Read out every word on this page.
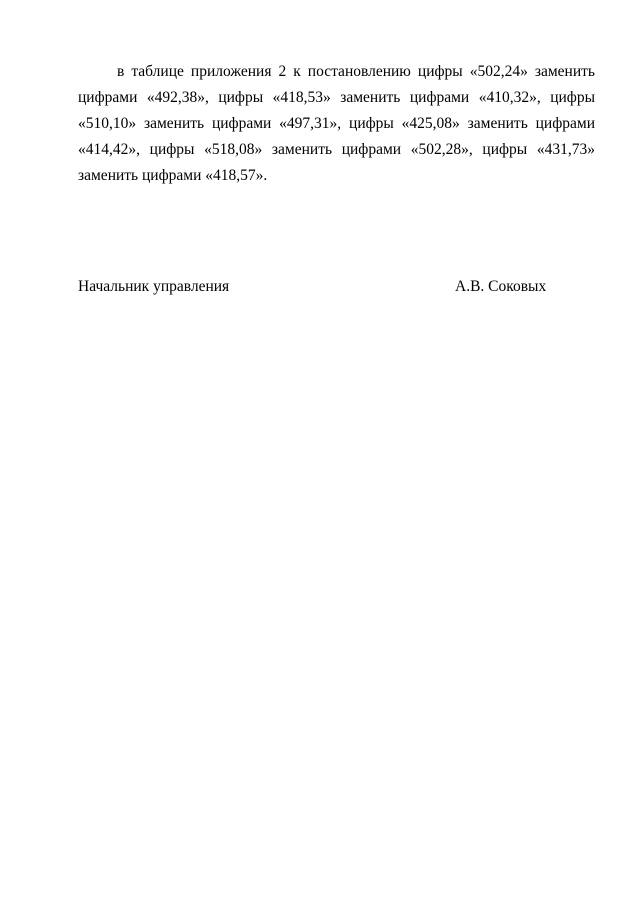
в таблице приложения 2 к постановлению цифры «502,24» заменить цифрами «492,38», цифры «418,53» заменить цифрами «410,32», цифры «510,10» заменить цифрами «497,31», цифры «425,08» заменить цифрами «414,42», цифры «518,08» заменить цифрами «502,28», цифры «431,73» заменить цифрами «418,57».

Начальник управления	А.В. Соковых
